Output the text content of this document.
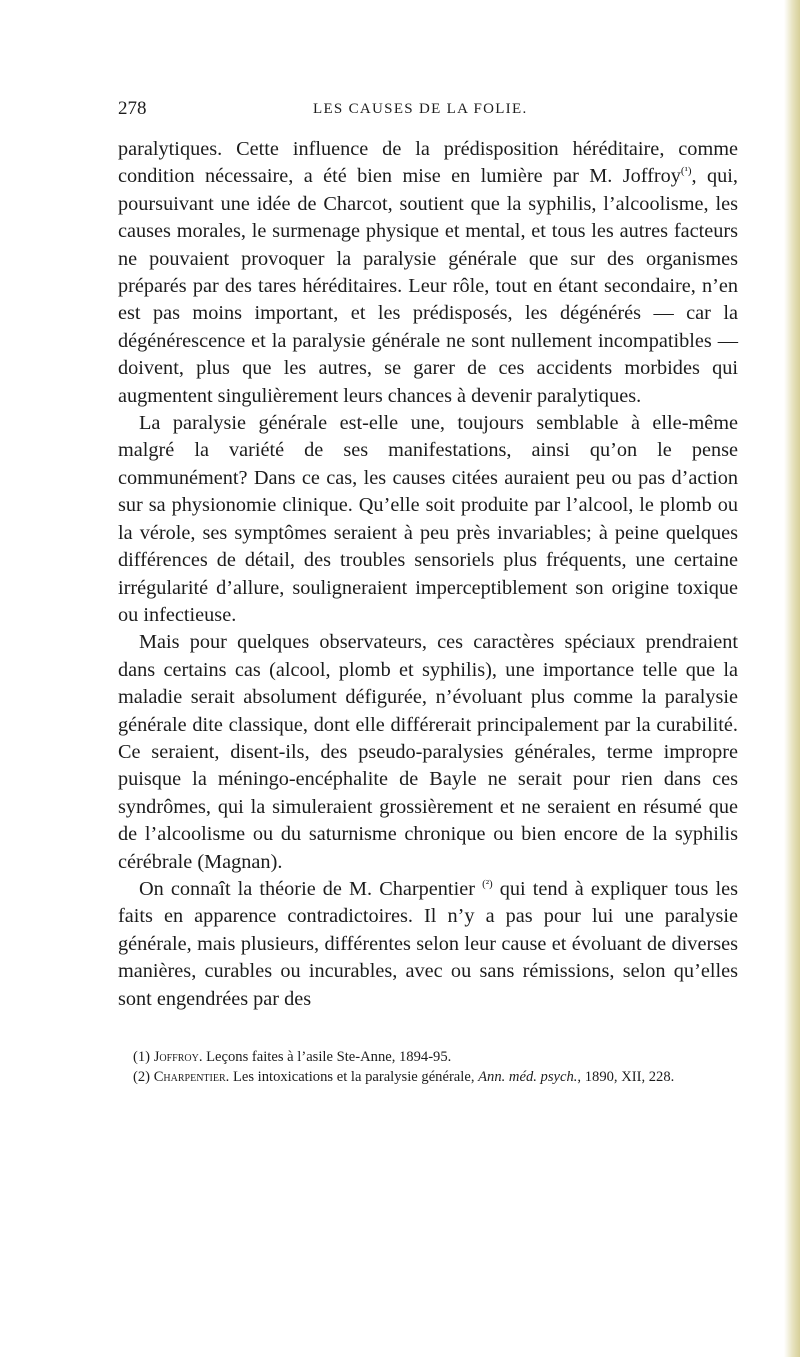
278	LES CAUSES DE LA FOLIE.

paralytiques. Cette influence de la prédisposition héréditaire, comme condition nécessaire, a été bien mise en lumière par M. Joffroy$^{(^1)}$, qui, poursuivant une idée de Charcot, soutient que la syphilis, l’alcoolisme, les causes morales, le surmenage physique et mental, et tous les autres facteurs ne pouvaient provoquer la paralysie générale que sur des organismes préparés par des tares héréditaires. Leur rôle, tout en étant secondaire, n’en est pas moins important, et les prédisposés, les dégénérés — car la dégénérescence et la paralysie générale ne sont nullement incompatibles — doivent, plus que les autres, se garer de ces accidents morbides qui augmentent singulièrement leurs chances à devenir paralytiques.

La paralysie générale est-elle une, toujours semblable à elle-même malgré la variété de ses manifestations, ainsi qu’on le pense communément? Dans ce cas, les causes citées auraient peu ou pas d’action sur sa physionomie clinique. Qu’elle soit produite par l’alcool, le plomb ou la vérole, ses symptômes seraient à peu près invariables; à peine quelques différences de détail, des troubles sensoriels plus fréquents, une certaine irrégularité d’allure, souligneraient imperceptiblement son origine toxique ou infectieuse.

Mais pour quelques observateurs, ces caractères spéciaux prendraient dans certains cas (alcool, plomb et syphilis), une importance telle que la maladie serait absolument défigurée, n’évoluant plus comme la paralysie générale dite classique, dont elle différerait principalement par la curabilité. Ce seraient, disent-ils, des pseudo-paralysies générales, terme impropre puisque la méningo-encéphalite de Bayle ne serait pour rien dans ces syndrômes, qui la simuleraient grossièrement et ne seraient en résumé que de l’alcoolisme ou du saturnisme chronique ou bien encore de la syphilis cérébrale (Magnan).

On connaît la théorie de M. Charpentier $^{(^2)}$ qui tend à expliquer tous les faits en apparence contradictoires. Il n’y a pas pour lui une paralysie générale, mais plusieurs, différentes selon leur cause et évoluant de diverses manières, curables ou incurables, avec ou sans rémissions, selon qu’elles sont engendrées par des

(1) Joffroy. Leçons faites à l’asile Ste-Anne, 1894-95.

(2) Charpentier. Les intoxications et la paralysie générale, Ann. méd. psych., 1890, XII, 228.
